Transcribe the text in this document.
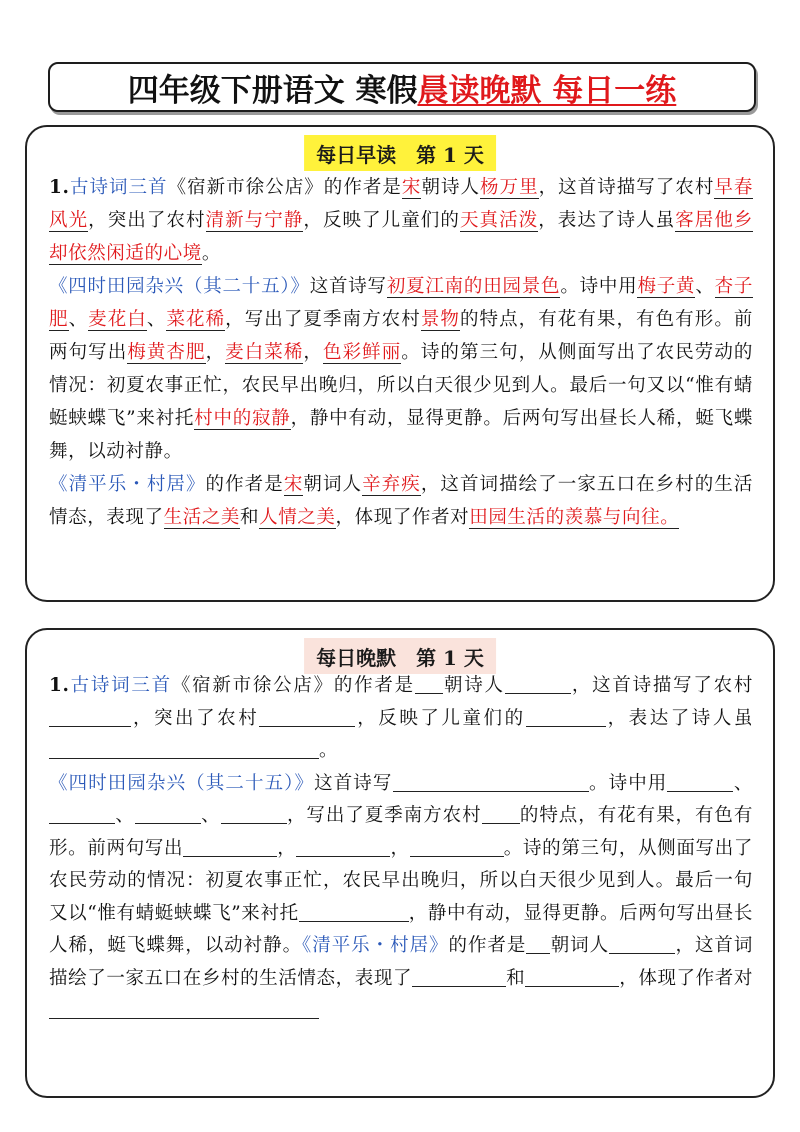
四年级下册语文 寒假 晨读晚默 每日一练
每日早读　第 1 天

1.古诗词三首《宿新市徐公店》的作者是宋朝诗人杨万里，这首诗描写了农村早春风光，突出了农村清新与宁静，反映了儿童们的天真活泼，表达了诗人虽客居他乡却依然闲适的心境。

《四时田园杂兴（其二十五）》这首诗写初夏江南的田园景色。诗中用梅子黄、杏子肥、麦花白、菜花稀，写出了夏季南方农村景物的特点，有花有果，有色有形。前两句写出梅黄杏肥，麦白菜稀，色彩鲜丽。诗的第三句，从侧面写出了农民劳动的情况：初夏农事正忙，农民早出晚归，所以白天很少见到人。最后一句又以“惟有蜻蜓蛱蝶飞”来衬托村中的寂静，静中有动，显得更静。后两句写出昼长人稀，蜓飞蝶舞，以动衬静。

《清平乐・村居》的作者是宋朝词人辛弃疾，这首词描绘了一家五口在乡村的生活情态，表现了生活之美和人情之美，体现了作者对田园生活的羡慕与向往。

每日晚默　第 1 天

1.古诗词三首《宿新市徐公店》的作者是 朝诗人	，这首诗描写了农村，突出了农村	，反映了儿童们的	，表达了诗人虽。

《四时田园杂兴（其二十五）》这首诗写	。诗中用	、、	、	，写出了夏季南方农村 的特点，有花有果，有色有形。前两句写出	，	，	。诗的第三句，从侧面写出了农民劳动的情况：初夏农事正忙，农民早出晚归，所以白天很少见到人。最后一句又以“惟有蜻蜓蛱蝶飞”来衬托	，静中有动，显得更静。后两句写出昼长人稀，蜓飞蝶舞，以动衬静。《清平乐・村居》的作者是 朝词人	，这首词描绘了一家五口在乡村的生活情态，表现了	和	，体现了作者对
